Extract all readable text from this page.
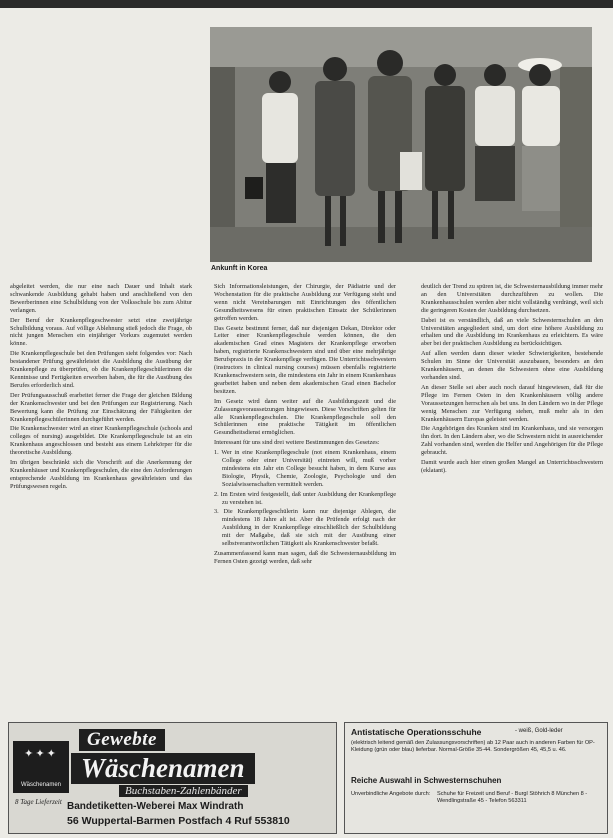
Ankunft in Korea

abgeleitet werden, die nur eine nach Dauer und Inhalt stark schwankende Ausbildung gehabt haben und anschließend von den Bewerberinnen eine Schulbildung von der Volksschule bis zum Abitur verlangen.

Der Beruf der Krankenpflegeschwester setzt eine zweijährige Schulbildung voraus. Auf völlige Ablehnung stieß jedoch die Frage, ob nicht jungen Menschen ein einjähriger Vorkurs zugemutet werden könne.

Die Krankenpflegeschule bei den Prüfungen sieht folgendes vor: Nach bestandener Prüfung gewährleistet die Ausbildung die Ausübung der Krankenpflege zu überprüfen, ob die Krankenpflegeschülerinnen die Kenntnisse und Fertigkeiten erworben haben, die für die Ausübung des Berufes erforderlich sind.

Der Prüfungsausschuß erarbeitet ferner die Frage der gleichen Bildung der Krankenschwester und bei den Prüfungen zur Registrierung. Nach Bewertung kann die Prüfung zur Einschätzung der Fähigkeiten der Krankenpflegeschülerinnen durchgeführt werden.

Die Krankenschwester wird an einer Krankenpflegeschule (schools and colleges of nursing) ausgebildet. Die Krankenpflegeschule ist an ein Krankenhaus angeschlossen und besteht aus einem Lehrkörper für die theoretische Ausbildung.

Im übrigen beschränkt sich die Vorschrift auf die Anerkennung der Krankenhäuser und Krankenpflegeschulen, die eine den Anforderungen entsprechende Ausbildung im Krankenhaus gewährleisten und das Prüfungswesen regeln.

Sich Informationsleistungen, der Chirurgie, der Pädiatrie und der Wochenstation für die praktische Ausbildung zur Verfügung steht und wenn nicht Vereinbarungen mit Einrichtungen des öffentlichen Gesundheitswesens für einen praktischen Einsatz der Schülerinnen getroffen werden.

Das Gesetz bestimmt ferner, daß nur diejenigen Dekan, Direktor oder Leiter einer Krankenpflegeschule werden können, die den akademischen Grad eines Magisters der Krankenpflege erworben haben, registrierte Krankenschwestern sind und über eine mehrjährige Berufspraxis in der Krankenpflege verfügen. Die Unterrichtsschwestern (instructors in clinical nursing courses) müssen ebenfalls registrierte Krankenschwestern sein, die mindestens ein Jahr in einem Krankenhaus gearbeitet haben und neben dem akademischen Grad einen Bachelor besitzen.

Im Gesetz wird dann weiter auf die Ausbildungszeit und die Zulassungsvoraussetzungen hingewiesen. Diese Vorschriften gelten für alle Krankenpflegeschulen. Die Krankenpflegeschule soll den Schülerinnen eine praktische Tätigkeit im öffentlichen Gesundheitsdienst ermöglichen.

Interessant für uns sind drei weitere Bestimmungen des Gesetzes:

1. Wer in eine Krankenpflegeschule (not einem Krankenhaus, einem College oder einer Universität) eintreten will, muß vorher mindestens ein Jahr ein College besucht haben, in dem Kurse aus Biologie, Physik, Chemie, Zoologie, Psychologie und den Sozialwissenschaften vermittelt werden.

2. Im Ersten wird festgestellt, daß unter Ausbildung der Krankenpflege zu verstehen ist.

3. Die Krankenpflegeschülerin kann nur diejenige Ablegen, die mindestens 18 Jahre alt ist. Aber die Prüfende erfolgt nach der Ausbildung in der Krankenpflege einschließlich der Schulbildung mit der Maßgabe, daß sie sich mit der Ausübung einer selbstverantwortlichen Tätigkeit als Krankenschwester befaßt.

Zusammenfassend kann man sagen, daß die Schwesternausbildung im Fernen Osten gezeigt werden, daß sehr

deutlich der Trend zu spüren ist, die Schwesternausbildung immer mehr an den Universitäten durchzuführen zu wollen. Die Krankenhausschulen werden aber nicht vollständig verdrängt, weil sich die geringeren Kosten der Ausbildung durchsetzen.

Dabei ist es verständlich, daß an viele Schwesternschulen an den Universitäten angegliedert sind, um dort eine höhere Ausbildung zu erhalten und die Ausbildung im Krankenhaus zu erleichtern. Es wäre aber bei der praktischen Ausbildung zu berücksichtigen.

Auf allen werden dann dieser wieder Schwierigkeiten, bestehende Schulen im Sinne der Universität auszubauen, besonders an den Krankenhäusern, an denen die Schwestern ohne eine Ausbildung vorhanden sind.

An dieser Stelle sei aber auch noch darauf hingewiesen, daß für die Pflege im Fernen Osten in den Krankenhäusern völlig andere Voraussetzungen herrschen als bei uns. In den Ländern wo in der Pflege wenig Menschen zur Verfügung stehen, muß mehr als in den Krankenhäusern Europas geleistet werden.

Die Angehörigen des Kranken sind im Krankenhaus, und sie versorgen ihn dort. In den Ländern aber, wo die Schwestern nicht in ausreichender Zahl vorhanden sind, werden die Helfer und Angehörigen für die Pflege gebraucht.

Damit wurde auch hier einen großen Mangel an Unterrichtsschwestern (eklatant).

✦✦✦
Wäschenamen
Gewebte
Wäschenamen
Buchstaben-Zahlenbänder
8 Tage Lieferzeit Bandetiketten-Weberei Max Windrath
56 Wuppertal-Barmen Postfach 4 Ruf 553810
Antistatische Operationsschuhe	- weiß, Gold-leder
(elektrisch leitend gemäß den Zulassungsvorschriften) ab 12 Paar auch in anderen Farben für OP-Kleidung (grün oder blau) lieferbar. Normal-Größe 35-44. Sondergrößen 45, 45,5 u. 46.
Reiche Auswahl in Schwesternschuhen
Unverbindliche Angebote durch: Schuhe für Freizeit und Beruf - Burgl Stöhrich 8 München 8 - Wendlingstraße 45 - Telefon 563311
